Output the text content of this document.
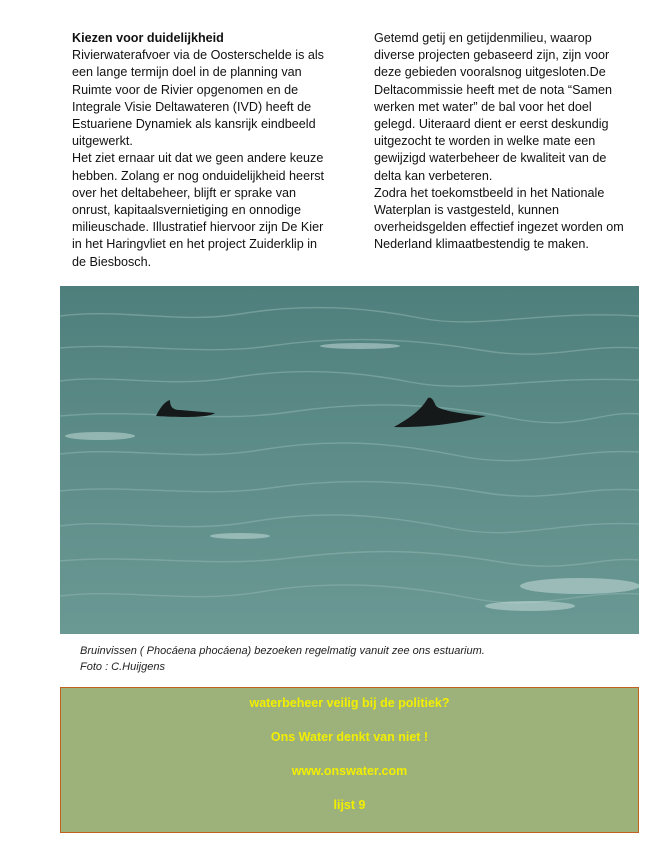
Kiezen voor duidelijkheid

Rivierwaterafvoer via de Oosterschelde is als

een lange termijn doel in de planning van

Ruimte voor de Rivier opgenomen en de

Integrale Visie Deltawateren (IVD) heeft de

Estuariene Dynamiek als kansrijk eindbeeld

uitgewerkt.

Het ziet ernaar uit dat we geen andere keuze

hebben. Zolang er nog onduidelijkheid heerst

over het deltabeheer, blijft er sprake van

onrust, kapitaalsvernietiging en onnodige

milieuschade. Illustratief hiervoor zijn De Kier

in het Haringvliet en het project Zuiderklip in

de Biesbosch.

Getemd getij en getijdenmilieu, waarop

diverse projecten gebaseerd zijn, zijn voor

deze gebieden vooralsnog uitgesloten.De

Deltacommissie heeft met de nota “Samen

werken met water” de bal voor het doel

gelegd. Uiteraard dient er eerst deskundig

uitgezocht te worden in welke mate een

gewijzigd waterbeheer de kwaliteit van de

delta kan verbeteren.

Zodra het toekomstbeeld in het Nationale

Waterplan is vastgesteld, kunnen

overheidsgelden effectief ingezet worden om

Nederland klimaatbestendig te maken.

Bruinvissen ( Phocáena phocáena) bezoeken regelmatig vanuit zee ons estuarium.
Foto : C.Huijgens
waterbeheer veilig bij de politiek?
Ons Water denkt van niet !
www.onswater.com
lijst 9
